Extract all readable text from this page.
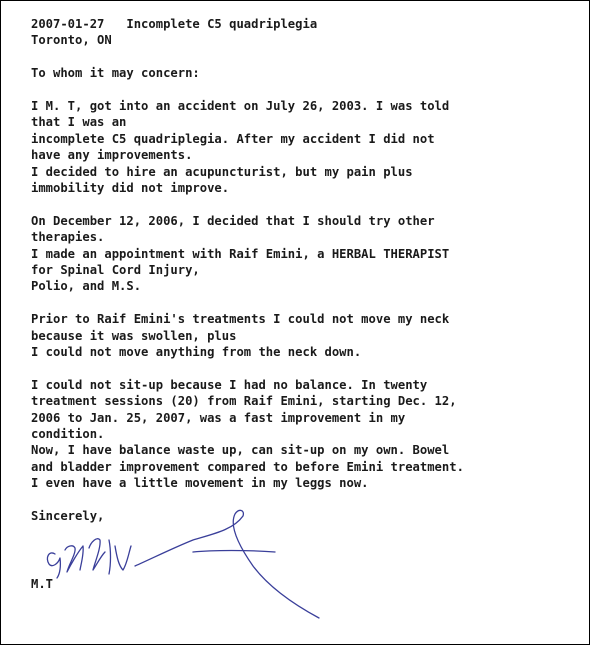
2007-01-27   Incomplete C5 quadriplegia
Toronto, ON
To whom it may concern:
I M. T, got into an accident on July 26, 2003. I was told
that I was an
incomplete C5 quadriplegia. After my accident I did not
have any improvements.
I decided to hire an acupuncturist, but my pain plus
immobility did not improve.
On December 12, 2006, I decided that I should try other
therapies.
I made an appointment with Raif Emini, a HERBAL THERAPIST
for Spinal Cord Injury,
Polio, and M.S.
Prior to Raif Emini's treatments I could not move my neck
because it was swollen, plus
I could not move anything from the neck down.
I could not sit-up because I had no balance. In twenty
treatment sessions (20) from Raif Emini, starting Dec. 12,
2006 to Jan. 25, 2007, was a fast improvement in my
condition.
Now, I have balance waste up, can sit-up on my own. Bowel
and bladder improvement compared to before Emini treatment.
I even have a little movement in my leggs now.
Sincerely,
M.T
